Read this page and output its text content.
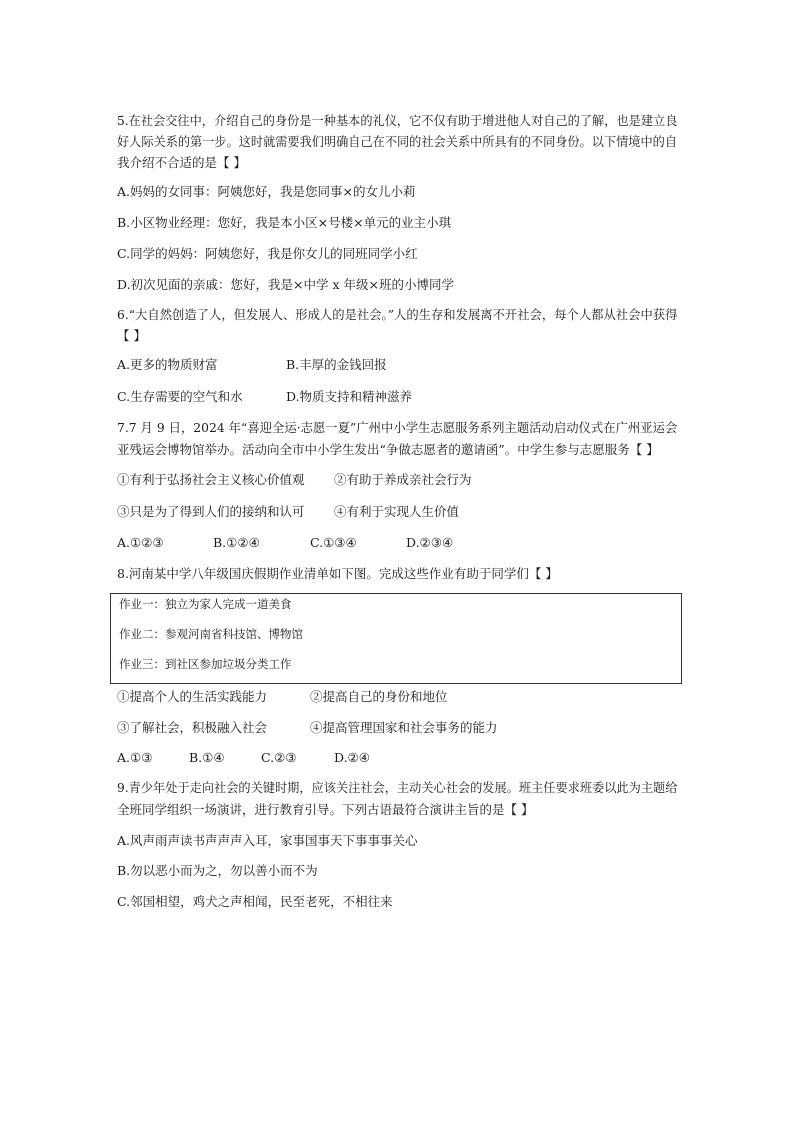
5.在社会交往中，介绍自己的身份是一种基本的礼仪，它不仅有助于增进他人对自己的了解，也是建立良
好人际关系的第一步。这时就需要我们明确自己在不同的社会关系中所具有的不同身份。以下情境中的自
我介绍不合适的是【 】
A.妈妈的女同事：阿姨您好，我是您同事×的女儿小莉
B.小区物业经理：您好，我是本小区×号楼×单元的业主小琪
C.同学的妈妈：阿姨您好，我是你女儿的同班同学小红
D.初次见面的亲戚：您好，我是×中学 x 年级×班的小博同学
6.“大自然创造了人，但发展人、形成人的是社会。”人的生存和发展离不开社会，每个人都从社会中获得
【 】
A.更多的物质财富	B.丰厚的金钱回报
C.生存需要的空气和水	D.物质支持和精神滋养
7.7 月 9 日，2024 年“喜迎全运·志愿一夏”广州中小学生志愿服务系列主题活动启动仪式在广州亚运会
亚残运会博物馆举办。活动向全市中小学生发出“争做志愿者的邀请函”。中学生参与志愿服务【 】
①有利于弘扬社会主义核心价值观 ②有助于养成亲社会行为
③只是为了得到人们的接纳和认可 ④有利于实现人生价值
A.①②③	B.①②④	C.①③④	D.②③④
8.河南某中学八年级国庆假期作业清单如下图。完成这些作业有助于同学们【 】
作业一：独立为家人完成一道美食
作业二：参观河南省科技馆、博物馆
作业三：到社区参加垃圾分类工作
①提高个人的生活实践能力	②提高自己的身份和地位
③了解社会，积极融入社会	④提高管理国家和社会事务的能力
A.①③	B.①④	C.②③	D.②④
9.青少年处于走向社会的关键时期，应该关注社会，主动关心社会的发展。班主任要求班委以此为主题给
全班同学组织一场演讲，进行教育引导。下列古语最符合演讲主旨的是【 】
A.风声雨声读书声声声入耳，家事国事天下事事事关心
B.勿以恶小而为之，勿以善小而不为
C.邻国相望，鸡犬之声相闻，民至老死，不相往来
